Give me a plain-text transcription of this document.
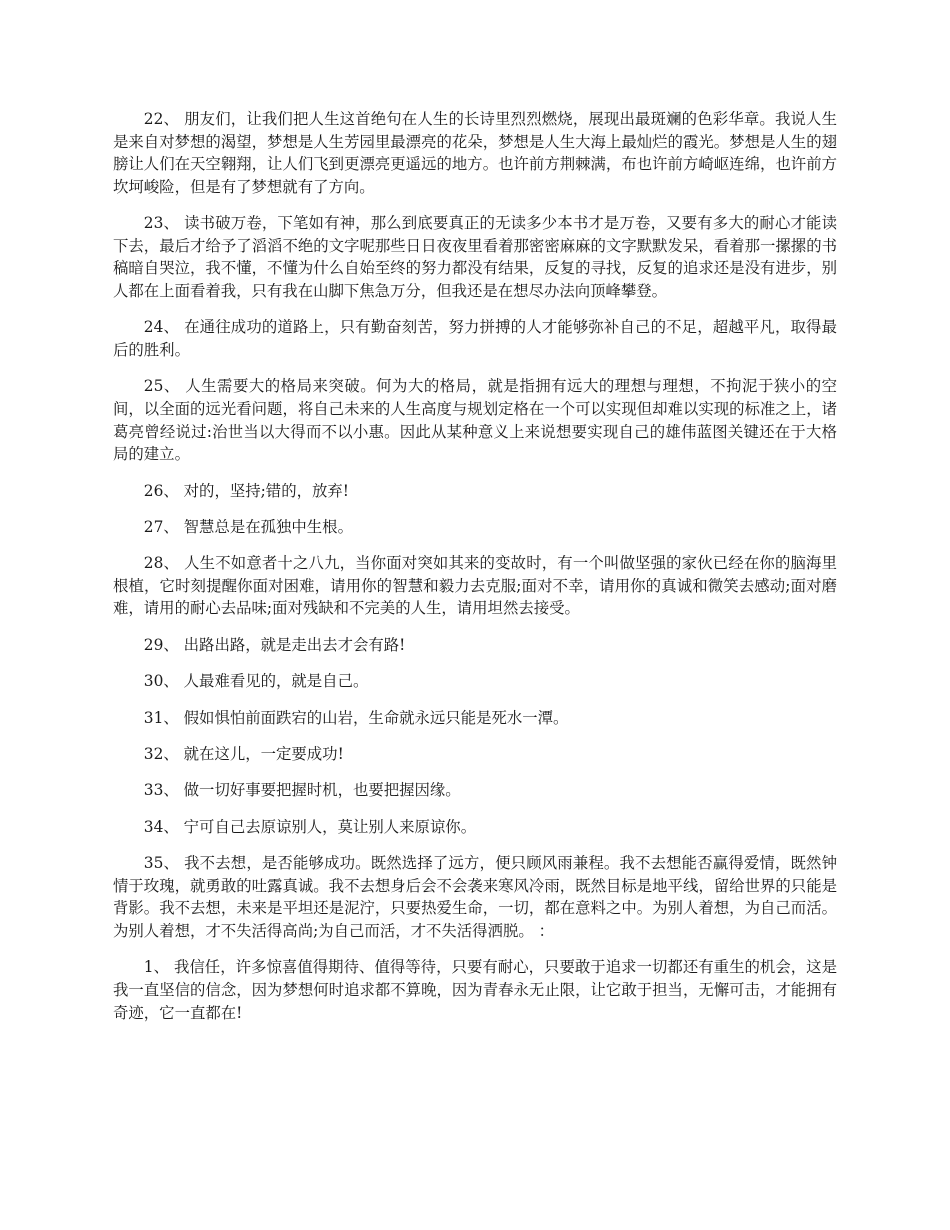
22、 朋友们，让我们把人生这首绝句在人生的长诗里烈烈燃烧，展现出最斑斓的色彩华章。我说人生是来自对梦想的渴望，梦想是人生芳园里最漂亮的花朵，梦想是人生大海上最灿烂的霞光。梦想是人生的翅膀让人们在天空翱翔，让人们飞到更漂亮更遥远的地方。也许前方荆棘满，布也许前方崎岖连绵，也许前方坎坷峻险，但是有了梦想就有了方向。

23、 读书破万卷，下笔如有神，那么到底要真正的无读多少本书才是万卷，又要有多大的耐心才能读下去，最后才给予了滔滔不绝的文字呢那些日日夜夜里看着那密密麻麻的文字默默发呆，看着那一摞摞的书稿暗自哭泣，我不懂，不懂为什么自始至终的努力都没有结果，反复的寻找，反复的追求还是没有进步，别人都在上面看着我，只有我在山脚下焦急万分，但我还是在想尽办法向顶峰攀登。

24、 在通往成功的道路上，只有勤奋刻苦，努力拼搏的人才能够弥补自己的不足，超越平凡，取得最后的胜利。

25、 人生需要大的格局来突破。何为大的格局，就是指拥有远大的理想与理想，不拘泥于狭小的空间，以全面的远光看问题，将自己未来的人生高度与规划定格在一个可以实现但却难以实现的标准之上，诸葛亮曾经说过:治世当以大得而不以小惠。因此从某种意义上来说想要实现自己的雄伟蓝图关键还在于大格局的建立。

26、 对的，坚持;错的，放弃!

27、 智慧总是在孤独中生根。

28、 人生不如意者十之八九，当你面对突如其来的变故时，有一个叫做坚强的家伙已经在你的脑海里根植，它时刻提醒你面对困难，请用你的智慧和毅力去克服;面对不幸，请用你的真诚和微笑去感动;面对磨难，请用的耐心去品味;面对残缺和不完美的人生，请用坦然去接受。

29、 出路出路，就是走出去才会有路!

30、 人最难看见的，就是自己。

31、 假如惧怕前面跌宕的山岩，生命就永远只能是死水一潭。

32、 就在这儿，一定要成功!

33、 做一切好事要把握时机，也要把握因缘。

34、 宁可自己去原谅别人，莫让别人来原谅你。

35、 我不去想，是否能够成功。既然选择了远方，便只顾风雨兼程。我不去想能否赢得爱情，既然钟情于玫瑰，就勇敢的吐露真诚。我不去想身后会不会袭来寒风冷雨，既然目标是地平线，留给世界的只能是背影。我不去想，未来是平坦还是泥泞，只要热爱生命，一切，都在意料之中。为别人着想，为自己而活。为别人着想，才不失活得高尚;为自己而活，才不失活得洒脱。 ：

1、 我信任，许多惊喜值得期待、值得等待，只要有耐心，只要敢于追求一切都还有重生的机会，这是我一直坚信的信念，因为梦想何时追求都不算晚，因为青春永无止限，让它敢于担当，无懈可击，才能拥有奇迹，它一直都在!
